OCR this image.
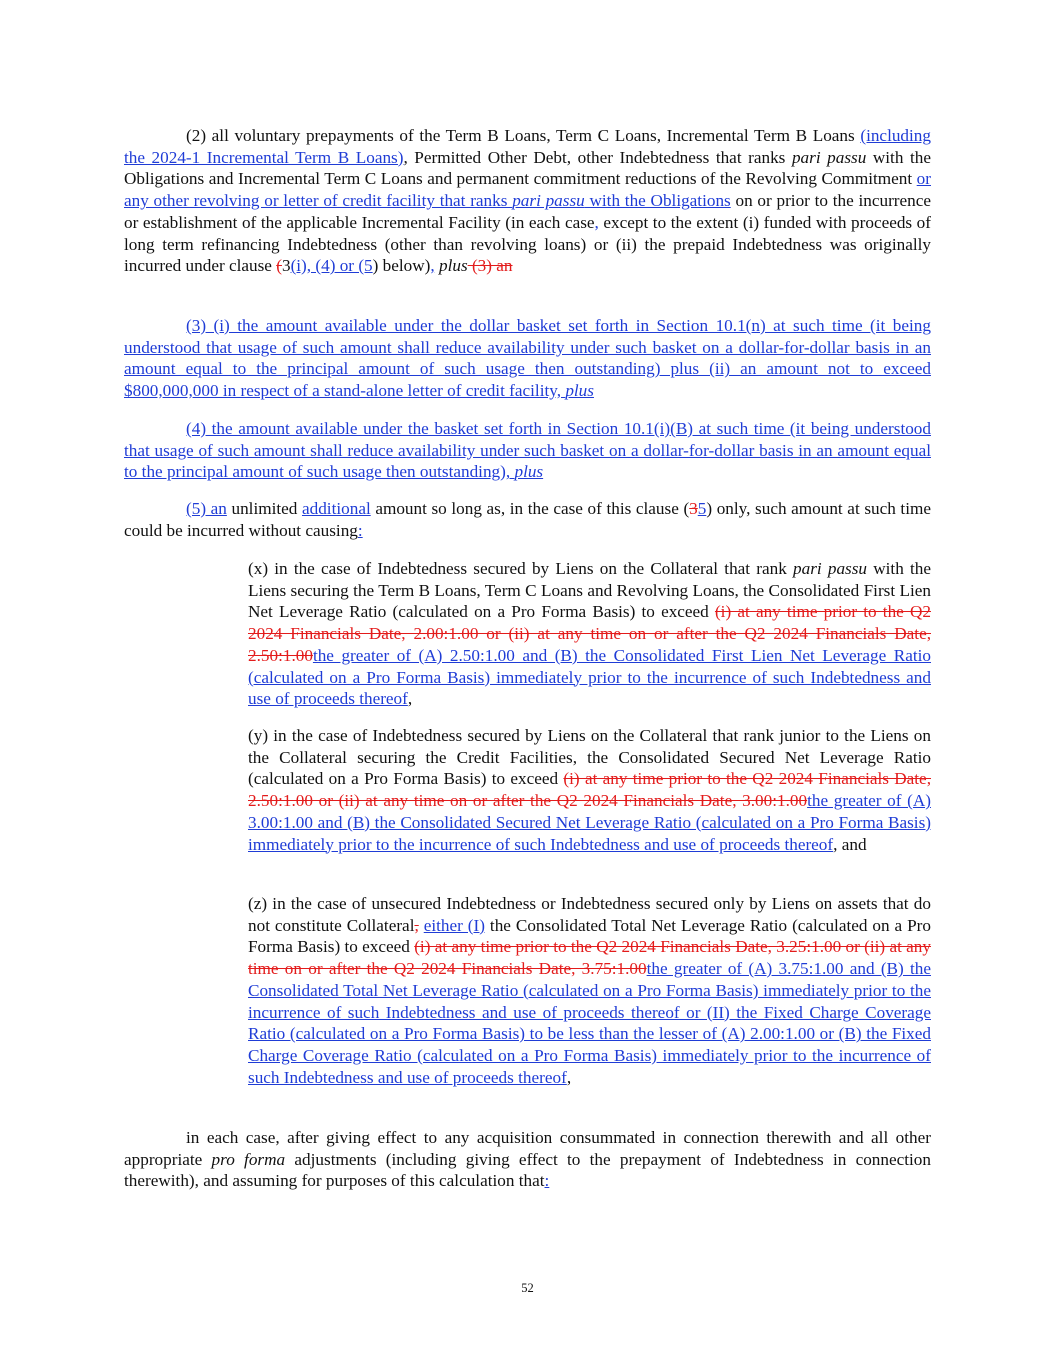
(2) all voluntary prepayments of the Term B Loans, Term C Loans, Incremental Term B Loans (including the 2024-1 Incremental Term B Loans), Permitted Other Debt, other Indebtedness that ranks pari passu with the Obligations and Incremental Term C Loans and permanent commitment reductions of the Revolving Commitment or any other revolving or letter of credit facility that ranks pari passu with the Obligations on or prior to the incurrence or establishment of the applicable Incremental Facility (in each case, except to the extent (i) funded with proceeds of long term refinancing Indebtedness (other than revolving loans) or (ii) the prepaid Indebtedness was originally incurred under clause (3(i), (4) or (5) below), plus (3) an

(3) (i) the amount available under the dollar basket set forth in Section 10.1(n) at such time (it being understood that usage of such amount shall reduce availability under such basket on a dollar-for-dollar basis in an amount equal to the principal amount of such usage then outstanding) plus (ii) an amount not to exceed $800,000,000 in respect of a stand-alone letter of credit facility, plus

(4) the amount available under the basket set forth in Section 10.1(i)(B) at such time (it being understood that usage of such amount shall reduce availability under such basket on a dollar-for-dollar basis in an amount equal to the principal amount of such usage then outstanding), plus

(5) an unlimited additional amount so long as, in the case of this clause (35) only, such amount at such time could be incurred without causing:

(x) in the case of Indebtedness secured by Liens on the Collateral that rank pari passu with the Liens securing the Term B Loans, Term C Loans and Revolving Loans, the Consolidated First Lien Net Leverage Ratio (calculated on a Pro Forma Basis) to exceed (i) at any time prior to the Q2 2024 Financials Date, 2.00:1.00 or (ii) at any time on or after the Q2 2024 Financials Date, 2.50:1.00the greater of (A) 2.50:1.00 and (B) the Consolidated First Lien Net Leverage Ratio (calculated on a Pro Forma Basis) immediately prior to the incurrence of such Indebtedness and use of proceeds thereof,

(y) in the case of Indebtedness secured by Liens on the Collateral that rank junior to the Liens on the Collateral securing the Credit Facilities, the Consolidated Secured Net Leverage Ratio (calculated on a Pro Forma Basis) to exceed (i) at any time prior to the Q2 2024 Financials Date, 2.50:1.00 or (ii) at any time on or after the Q2 2024 Financials Date, 3.00:1.00the greater of (A) 3.00:1.00 and (B) the Consolidated Secured Net Leverage Ratio (calculated on a Pro Forma Basis) immediately prior to the incurrence of such Indebtedness and use of proceeds thereof, and

(z) in the case of unsecured Indebtedness or Indebtedness secured only by Liens on assets that do not constitute Collateral, either (I) the Consolidated Total Net Leverage Ratio (calculated on a Pro Forma Basis) to exceed (i) at any time prior to the Q2 2024 Financials Date, 3.25:1.00 or (ii) at any time on or after the Q2 2024 Financials Date, 3.75:1.00the greater of (A) 3.75:1.00 and (B) the Consolidated Total Net Leverage Ratio (calculated on a Pro Forma Basis) immediately prior to the incurrence of such Indebtedness and use of proceeds thereof or (II) the Fixed Charge Coverage Ratio (calculated on a Pro Forma Basis) to be less than the lesser of (A) 2.00:1.00 or (B) the Fixed Charge Coverage Ratio (calculated on a Pro Forma Basis) immediately prior to the incurrence of such Indebtedness and use of proceeds thereof,

in each case, after giving effect to any acquisition consummated in connection therewith and all other appropriate pro forma adjustments (including giving effect to the prepayment of Indebtedness in connection therewith), and assuming for purposes of this calculation that:

52
